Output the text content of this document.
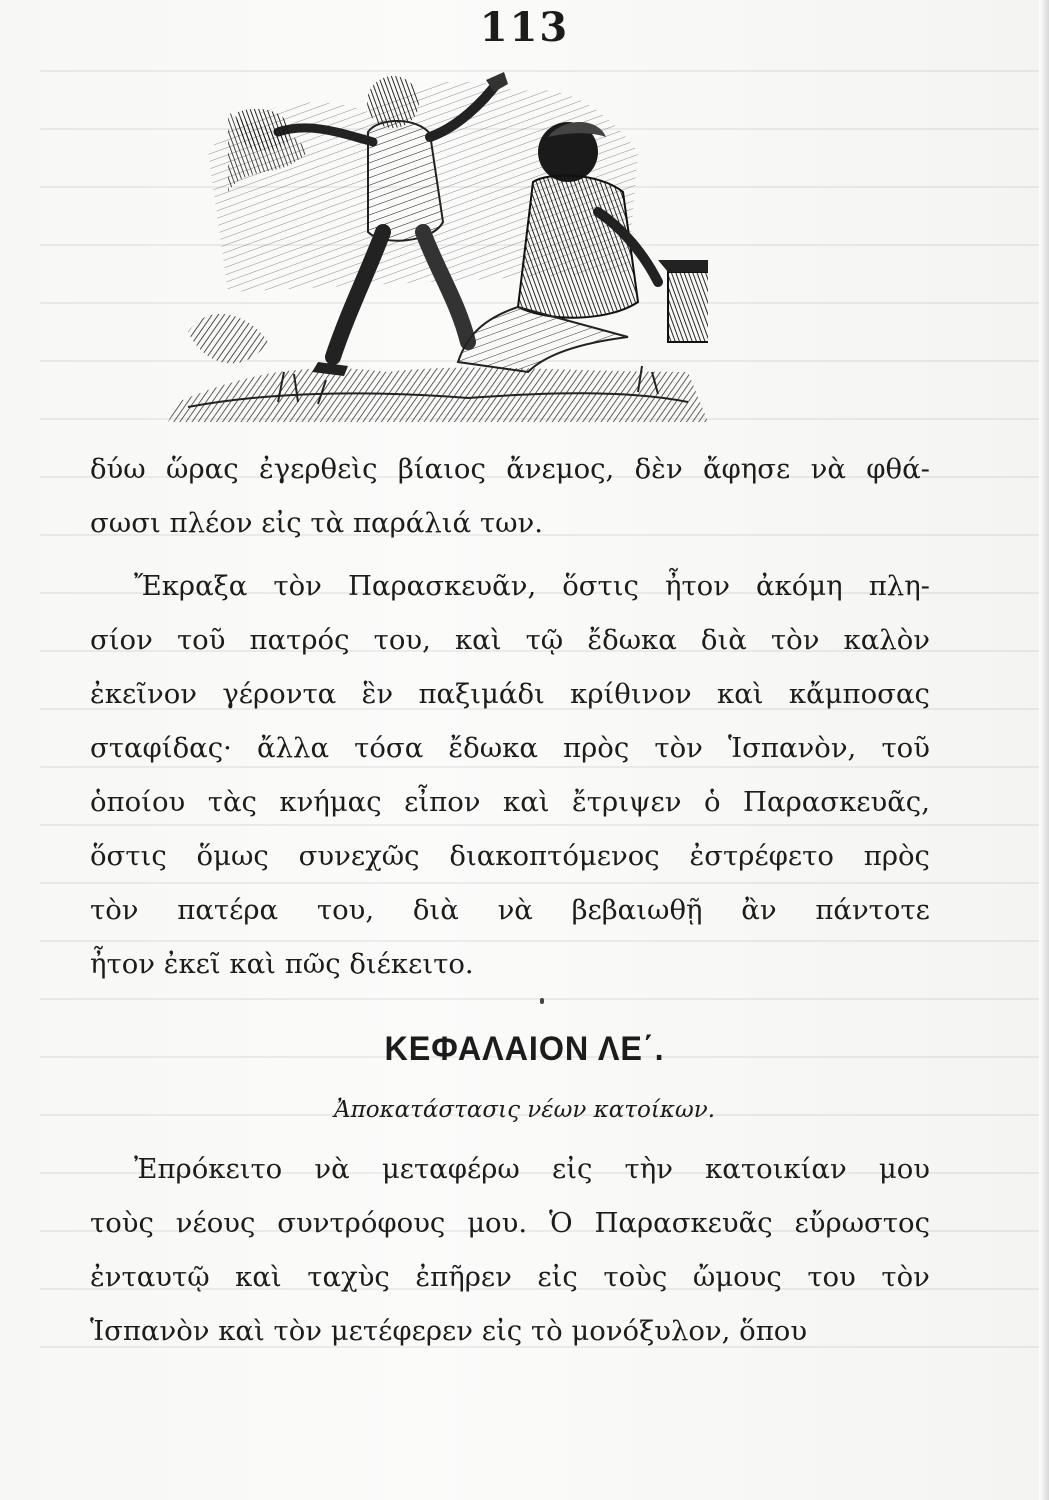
113
δύω ὥρας ἐγερθεὶς βίαιος ἄνεμος, δὲν ἄφησε νὰ φθά-
σωσι πλέον εἰς τὰ παράλιά των.
Ἔκραξα τὸν Παρασκευᾶν, ὅστις ἦτον ἀκόμη πλη-
σίον τοῦ πατρός του, καὶ τῷ ἔδωκα διὰ τὸν καλὸν
ἐκεῖνον γέροντα ἓν παξιμάδι κρίθινον καὶ κἄμποσας
σταφίδας· ἄλλα τόσα ἔδωκα πρὸς τὸν Ἱσπανὸν, τοῦ
ὁποίου τὰς κνήμας εἶπον καὶ ἔτριψεν ὁ Παρασκευᾶς,
ὅστις ὅμως συνεχῶς διακοπτόμενος ἐστρέφετο πρὸς
τὸν πατέρα του, διὰ νὰ βεβαιωθῇ ἂν πάντοτε
ἦτον ἐκεῖ καὶ πῶς διέκειτο.
ΚΕΦΑΛΑΙΟΝ ΛΕ΄.
Ἀποκατάστασις νέων κατοίκων.
Ἐπρόκειτο νὰ μεταφέρω εἰς τὴν κατοικίαν μου
τοὺς νέους συντρόφους μου. Ὁ Παρασκευᾶς εὔρωστος
ἐνταυτῷ καὶ ταχὺς ἐπῆρεν εἰς τοὺς ὤμους του τὸν
Ἱσπανὸν καὶ τὸν μετέφερεν εἰς τὸ μονόξυλον, ὅπου
